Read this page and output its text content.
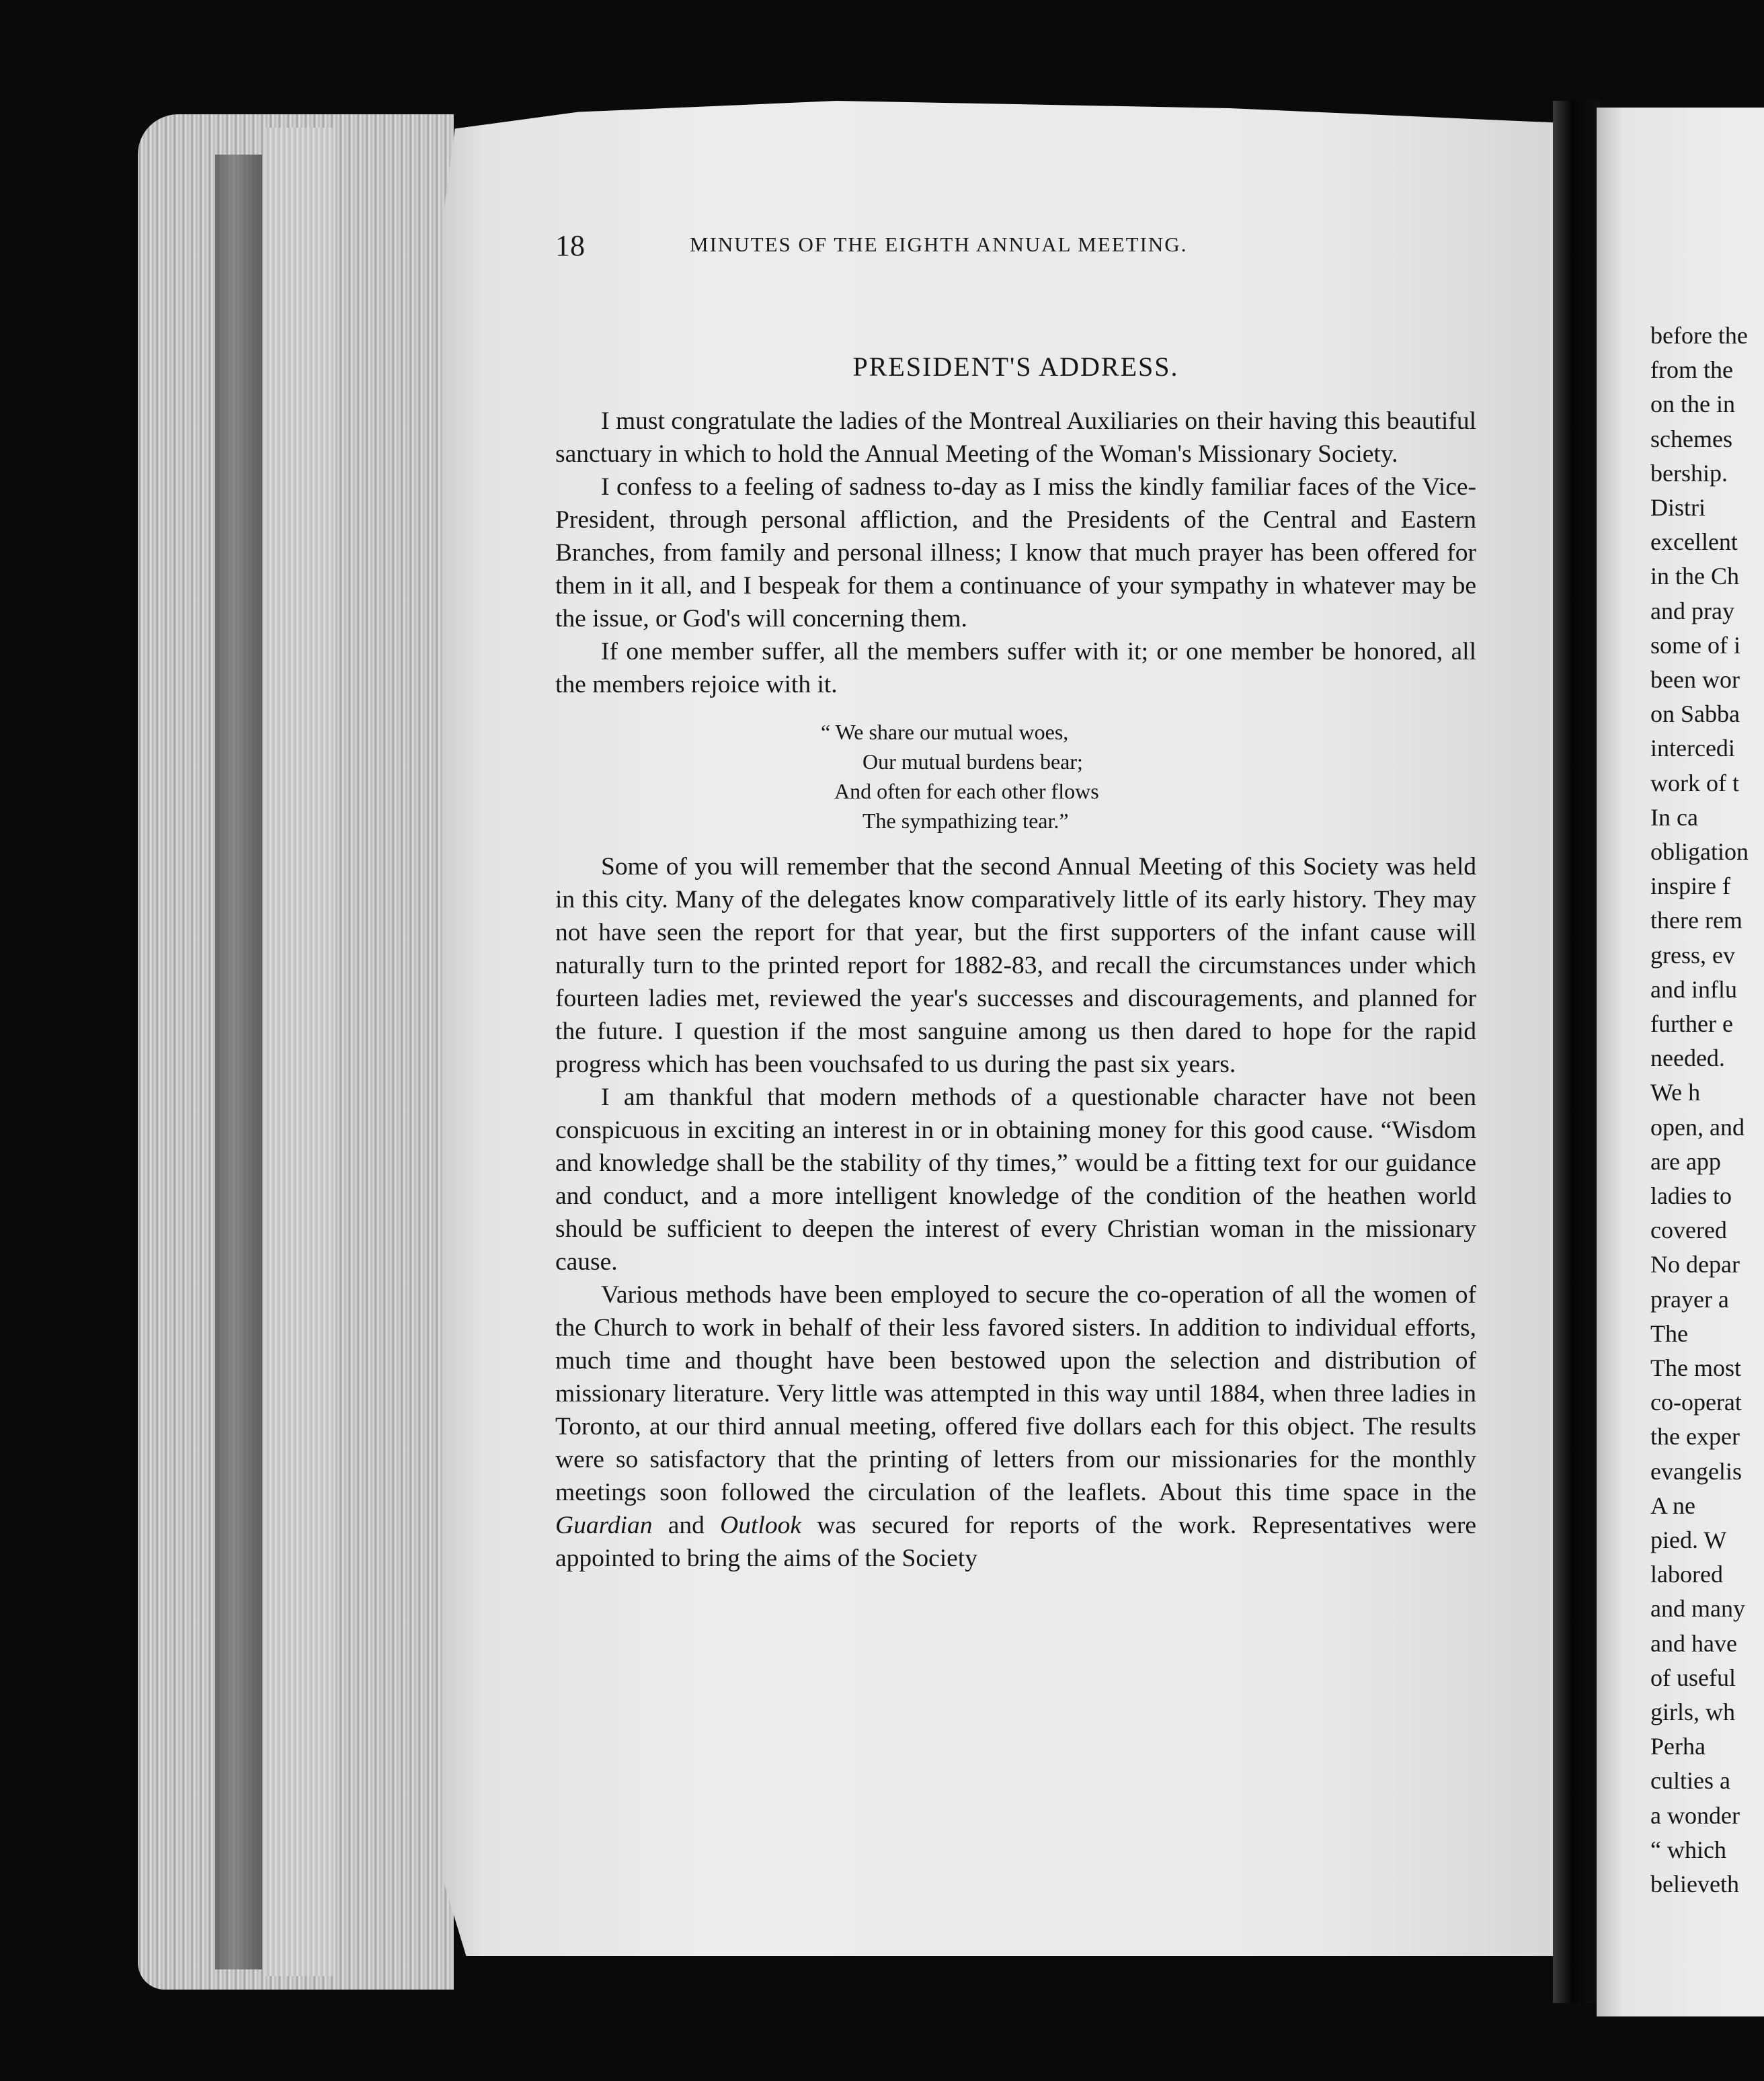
18	MINUTES OF THE EIGHTH ANNUAL MEETING.
PRESIDENT'S ADDRESS.

I must congratulate the ladies of the Montreal Auxiliaries on their having this beautiful sanctuary in which to hold the Annual Meeting of the Woman's Missionary Society.

I confess to a feeling of sadness to-day as I miss the kindly familiar faces of the Vice-President, through personal affliction, and the Presidents of the Central and Eastern Branches, from family and personal illness; I know that much prayer has been offered for them in it all, and I bespeak for them a continuance of your sympathy in whatever may be the issue, or God's will concerning them.

If one member suffer, all the members suffer with it; or one member be honored, all the members rejoice with it.

“ We share our mutual woes,
Our mutual burdens bear;
And often for each other flows
The sympathizing tear.”

Some of you will remember that the second Annual Meeting of this Society was held in this city. Many of the delegates know comparatively little of its early history. They may not have seen the report for that year, but the first supporters of the infant cause will naturally turn to the printed report for 1882-83, and recall the circumstances under which fourteen ladies met, reviewed the year's successes and discouragements, and planned for the future. I question if the most sanguine among us then dared to hope for the rapid progress which has been vouchsafed to us during the past six years.

I am thankful that modern methods of a questionable character have not been conspicuous in exciting an interest in or in obtaining money for this good cause. “Wisdom and knowledge shall be the stability of thy times,” would be a fitting text for our guidance and conduct, and a more intelligent knowledge of the condition of the heathen world should be sufficient to deepen the interest of every Christian woman in the missionary cause.

Various methods have been employed to secure the co-operation of all the women of the Church to work in behalf of their less favored sisters. In addition to individual efforts, much time and thought have been bestowed upon the selection and distribution of missionary literature. Very little was attempted in this way until 1884, when three ladies in Toronto, at our third annual meeting, offered five dollars each for this object. The results were so satisfactory that the printing of letters from our missionaries for the monthly meetings soon followed the circulation of the leaflets. About this time space in the Guardian and Outlook was secured for reports of the work. Representatives were appointed to bring the aims of the Society

before the
from the
on the in
schemes
bership.
Distri
excellent
in the Ch
and pray
some of i
been wor
on Sabba
intercedi
work of t
In ca
obligation
inspire f
there rem
gress, ev
and influ
further e
needed.
We h
open, and
are app
ladies to
covered
No depar
prayer a
The
The most
co-operat
the exper
evangelis
A ne
pied. W
labored
and many
and have
of useful
girls, wh
Perha
culties a
a wonder
“ which
believeth
